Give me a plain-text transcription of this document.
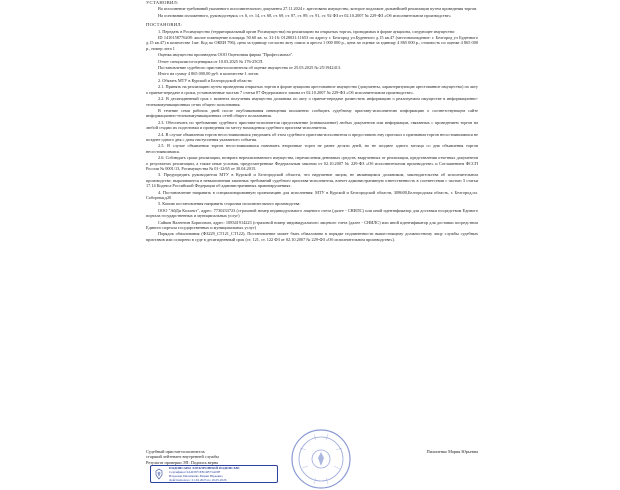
УСТАНОВИЛ:

Во исполнение требований указанного исполнительного документа 27.11.2024 г. арестовано имущество, которое подлежит дальнейшей реализации путем проведения торгов.

На основании изложенного, руководствуясь ст. 6, ст. 14, ст. 68, ст. 69, ст. 87, ст. 89, ст. 91, ст. 92 ФЗ от 02.10.2007 № 229-ФЗ «Об исполнительном производстве»

ПОСТАНОВИЛ:

1. Передать в Росимущество (территориальный орган Росимущества) на реализацию на открытых торгах, проводимых в форме аукциона, следующее имущество:

ID 1410158776208: жилое помещение площадь 50.60 кв. м. 31:16: 0128031:11653 по адресу г. Белгород ул.Буденного д.15 кв.47 (местонахождение: г. Белгород ул Буденного д.15 кв.47) в количестве 1шт. Код по ОКЕИ 796), цена за единицу согласно акту описи и ареста 1 000 000 р., цена по оценке за единицу 4 865 000 р., стоимость по оценке 4 865 000 р., номер лота 1

Оценка имущества произведена ООО Оценочная фирма "Профессионал".

Отчет специалиста-оценщика от 10.03.2025 № 176-25СП.

Постановление судебного пристава-исполнителя об оценке имущества от 25.03.2025 № 25/1942413.

Итого на сумму 4 865 000,00 руб. в количестве 1 лотов.

2. Обязать МТУ в Курской и Белгородской области:

2.1. Принять на реализацию путем проведения открытых торгов в форме аукциона арестованное имущество (документы, характеризующие арестованное имущество) по акту о приеме-передаче в сроки, установленные частью 7 статьи 87 Федерального закона от 02.10.2007 № 229-ФЗ «Об исполнительном производстве».

2.2. В десятидневный срок с момента получения имущества должника по акту о приеме-передаче разместить информацию о реализуемом имуществе в информационно-телекоммуникационных сетях общего пользования.

В течение семи рабочих дней после опубликования извещения письменно сообщить судебному приставу-исполнителю информацию о соответствующем сайте информационно-телекоммуникационных сетей общего пользования.

2.3. Обеспечить по требованию судебного пристава-исполнителя представление (ознакомление) любых документов или информации, связанных с проведением торгов на любой стадии их подготовки и проведения по месту нахождения судебного пристава-исполнителя.

2.4. В случае объявления торгов несостоявшимися уведомить об этом судебного пристава-исполнителя и предоставить ему протокол о признании торгов несостоявшимися не позднее одного дня с даты наступления указанного события.

2.5. В случае объявления торгов несостоявшимися назначить вторичные торги не ранее десяти дней, но не позднее одного месяца со дня объявления торгов несостоявшимися.

2.6. Соблюдать сроки реализации, возврата нереализованного имущества, перечисления денежных средств, вырученных от реализации, представления отчетных документов о результатах реализации, а также иные условия, предусмотренные Федеральным законом от 02.10.2007 № 229-ФЗ «Об исполнительном производстве» и Соглашением ФССП России № 0001/13, Росимущества № 01-12/65 от 30.04.2015.

3. Предупредить руководителя МТУ в Курской и Белгородской области, что нарушение лицом, не являющимся должником, законодательства об исполнительном производстве, выразившееся в невыполнении законных требований судебного пристава-исполнителя, влечет административную ответственность в соответствии с частью 3 статьи 17.14 Кодекса Российской Федерации об административных правонарушениях.

4. Постановление направить в специализированную организацию для исполнения: МТУ в Курской и Белгородской области, 308600,Белгородская область, г. Белгород,пл. Соборная,д20

5. Копию постановления направить сторонам исполнительного производства:

ООО "АйДи Коллект", адрес: 7730233723 (страховой номер индивидуального лицевого счета (далее - СНИЛС) или иной идентификатор для доставки посредством Единого портала государственных и муниципальных услуг)

Сайков Валентин Борисович, адрес: 108341914223 (страховой номер индивидуального лицевого счета (далее - СНИЛС) или иной идентификатор для доставки посредством Единого портала государственных и муниципальных услуг)

Порядок обжалования (ФЗ229_СТ121_СТ122), Постановление может быть обжаловано в порядке подчиненности вышестоящему должностному лицу службы судебных приставов или оспорено в суде в десятидневный срок (ст. 121, ст. 122 ФЗ от 02.10.2007 № 229-ФЗ «Об исполнительном производстве»).

Судебный пристав-исполнитель
старший лейтенант внутренней службы
Результат проверки ЭП: Подпись верна
Пилипенко Мария Юрьевна
ПОДПИСАНО ЭЛЕКТРОННОЙ ПОДПИСЬЮ
Сертификат 0A2D5F1E8C4B73A09F
Владелец Пилипенко Мария Юрьевна
Действителен с 21.02.2025 по 16.05.2026
